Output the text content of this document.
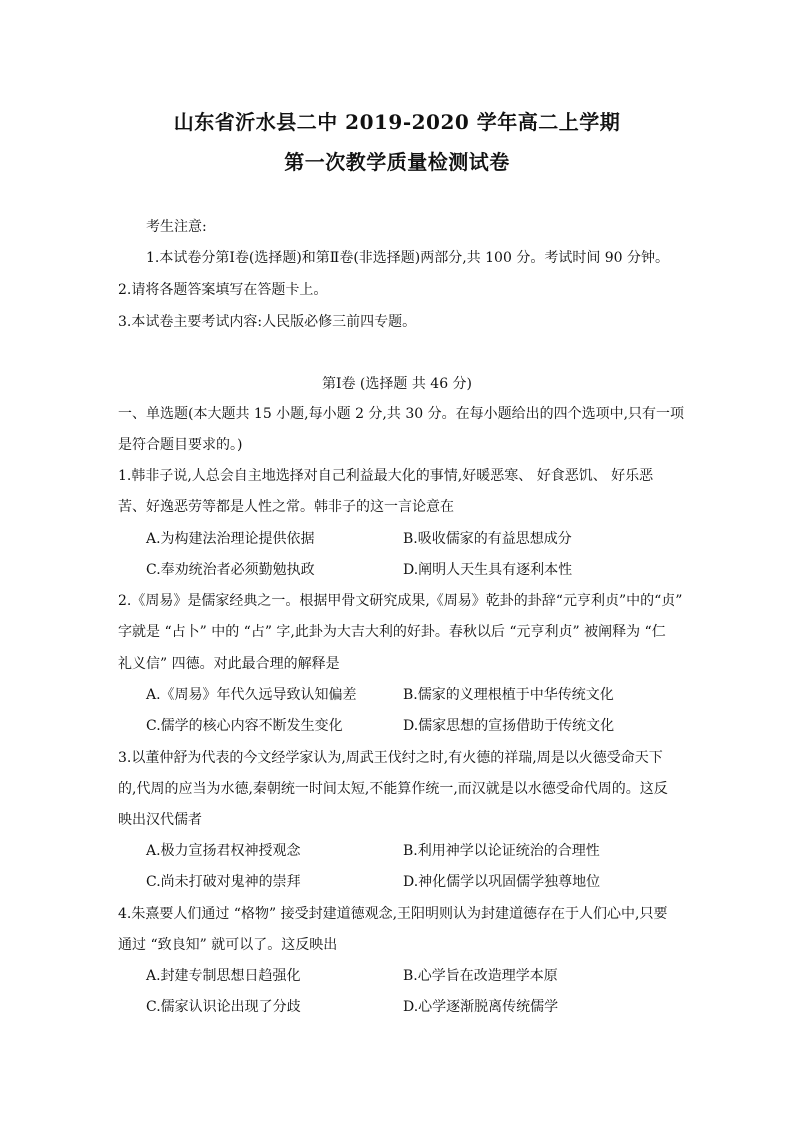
山东省沂水县二中 2019-2020 学年高二上学期
第一次教学质量检测试卷
考生注意:
1.本试卷分第Ⅰ卷(选择题)和第Ⅱ卷(非选择题)两部分,共 100 分。考试时间 90 分钟。
2.请将各题答案填写在答题卡上。
3.本试卷主要考试内容:人民版必修三前四专题。
第Ⅰ卷 (选择题 共 46 分)
一、单选题(本大题共 15 小题,每小题 2 分,共 30 分。在每小题给出的四个选项中,只有一项
是符合题目要求的。)
1.韩非子说,人总会自主地选择对自己利益最大化的事情,好暖恶寒、 好食恶饥、 好乐恶
苦、好逸恶劳等都是人性之常。韩非子的这一言论意在
A.为构建法治理论提供依据	B.吸收儒家的有益思想成分
C.奉劝统治者必须勤勉执政	D.阐明人天生具有逐利本性
2.《周易》是儒家经典之一。根据甲骨文研究成果,《周易》乾卦的卦辞“元亨利贞”中的“贞”
字就是 “占卜” 中的 “占” 字,此卦为大吉大利的好卦。春秋以后 “元亨利贞” 被阐释为 “仁
礼义信” 四德。对此最合理的解释是
A.《周易》年代久远导致认知偏差	B.儒家的义理根植于中华传统文化
C.儒学的核心内容不断发生变化	D.儒家思想的宣扬借助于传统文化
3.以董仲舒为代表的今文经学家认为,周武王伐纣之时,有火德的祥瑞,周是以火德受命天下
的,代周的应当为水德,秦朝统一时间太短,不能算作统一,而汉就是以水德受命代周的。这反
映出汉代儒者
A.极力宣扬君权神授观念	B.利用神学以论证统治的合理性
C.尚未打破对鬼神的崇拜	D.神化儒学以巩固儒学独尊地位
4.朱熹要人们通过 “格物” 接受封建道德观念,王阳明则认为封建道德存在于人们心中,只要
通过 “致良知” 就可以了。这反映出
A.封建专制思想日趋强化	B.心学旨在改造理学本原
C.儒家认识论出现了分歧	D.心学逐渐脱离传统儒学
